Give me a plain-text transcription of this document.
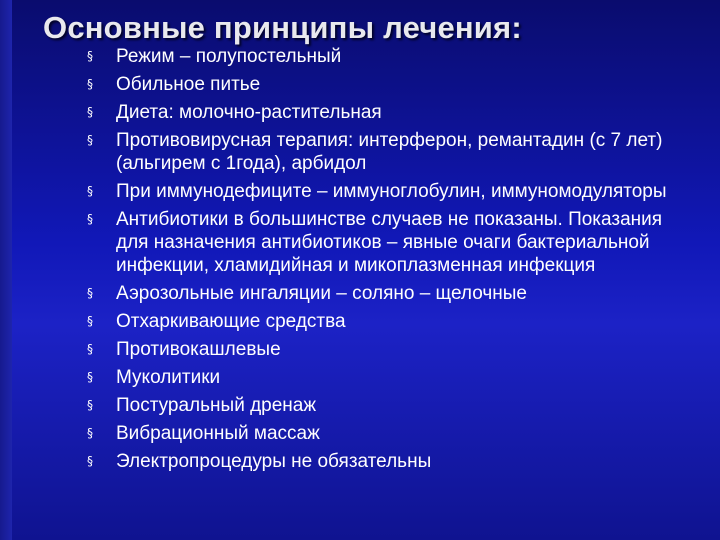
Основные принципы лечения:
§ Режим – полупостельный
§ Обильное питье
§ Диета: молочно-растительная
§ Противовирусная терапия: интерферон, ремантадин (с 7 лет) (альгирем с 1года), арбидол
§ При иммунодефиците – иммуноглобулин, иммуномодуляторы
§ Антибиотики в большинстве случаев не показаны. Показания для назначения антибиотиков – явные очаги бактериальной инфекции, хламидийная и микоплазменная инфекция
§ Аэрозольные ингаляции – соляно – щелочные
§ Отхаркивающие средства
§ Противокашлевые
§ Муколитики
§ Постуральный дренаж
§ Вибрационный массаж
§ Электропроцедуры не обязательны
